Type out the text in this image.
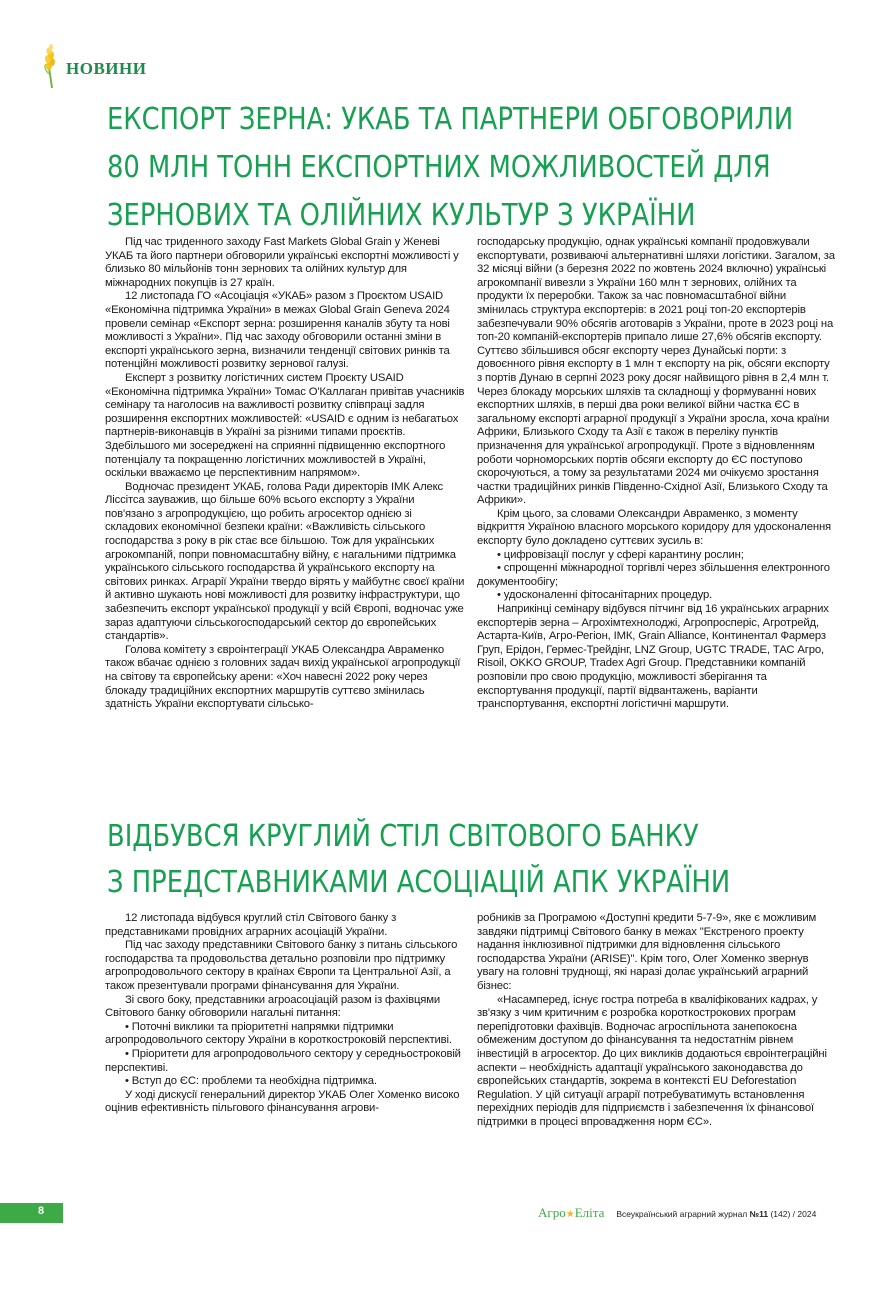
НОВИНИ
ЕКСПОРТ ЗЕРНА: УКАБ ТА ПАРТНЕРИ ОБГОВОРИЛИ
80 МЛН ТОНН ЕКСПОРТНИХ МОЖЛИВОСТЕЙ ДЛЯ
ЗЕРНОВИХ ТА ОЛІЙНИХ КУЛЬТУР З УКРАЇНИ

Під час триденного заходу Fast Markets Global Grain у Женеві УКАБ та його партнери обговорили українські експортні можливості у близько 80 мільйонів тонн зернових та олійних культур для міжнародних покупців із 27 країн.

12 листопада ГО «Асоціація «УКАБ» разом з Проєктом USAID «Економічна підтримка України» в межах Global Grain Geneva 2024 провели семінар «Експорт зерна: розширення каналів збуту та нові можливості з України». Під час заходу обговорили останні зміни в експорті українського зерна, визначили тенденції світових ринків та потенційні можливості розвитку зернової галузі.

Експерт з розвитку логістичних систем Проєкту USAID «Економічна підтримка України» Томас О'Каллаган привітав учасників семінару та наголосив на важливості розвитку співпраці задля розширення експортних можливостей: «USAID є одним із небагатьох партнерів-виконавців в Україні за різними типами проєктів. Здебільшого ми зосереджені на сприянні підвищенню експортного потенціалу та покращенню логістичних можливостей в Україні, оскільки вважаємо це перспективним напрямом».

Водночас президент УКАБ, голова Ради директорів ІМК Алекс Ліссітса зауважив, що більше 60% всього експорту з України пов'язано з агропродукцією, що робить агросектор однією зі складових економічної безпеки країни: «Важливість сільського господарства з року в рік стає все більшою. Тож для українських агрокомпаній, попри повномасштабну війну, є нагальними підтримка українського сільського господарства й українського експорту на світових ринках. Аграрії України твердо вірять у майбутнє своєї країни й активно шукають нові можливості для розвитку інфраструктури, що забезпечить експорт української продукції у всій Європі, водночас уже зараз адаптуючи сільськогосподарський сектор до європейських стандартів».

Голова комітету з євроінтеграції УКАБ Олександра Авраменко також вбачає однією з головних задач вихід української агропродукції на світову та європейську арени: «Хоч навесні 2022 року через блокаду традиційних експортних маршрутів суттєво змінилась здатність України експортувати сільсько-

господарську продукцію, однак українські компанії продовжували експортувати, розвиваючі альтернативні шляхи логістики. Загалом, за 32 місяці війни (з березня 2022 по жовтень 2024 включно) українські агрокомпанії вивезли з України 160 млн т зернових, олійних та продукти їх переробки. Також за час повномасштабної війни змінилась структура експортерів: в 2021 році топ-20 експортерів забезпечували 90% обсягів аготоварів з України, проте в 2023 році на топ-20 компаній-експортерів припало лише 27,6% обсягів експорту. Суттєво збільшився обсяг експорту через Дунайські порти: з довоєнного рівня експорту в 1 млн т експорту на рік, обсяги експорту з портів Дунаю в серпні 2023 року досяг найвищого рівня в 2,4 млн т. Через блокаду морських шляхів та складнощі у формуванні нових експортних шляхів, в перші два роки великої війни частка ЄС в загальному експорті аграрної продукції з України зросла, хоча країни Африки, Близького Сходу та Азії є також в переліку пунктів призначення для української агропродукції. Проте з відновленням роботи чорноморських портів обсяги експорту до ЄС поступово скорочуються, а тому за результатами 2024 ми очікуємо зростання частки традиційних ринків Південно-Східної Азії, Близького Сходу та Африки».

Крім цього, за словами Олександри Авраменко, з моменту відкриття Україною власного морського коридору для удосконалення експорту було докладено суттєвих зусиль в:

• цифровізації послуг у сфері карантину рослин;

• спрощенні міжнародної торгівлі через збільшення електронного документообігу;

• удосконаленні фітосанітарних процедур.

Наприкінці семінару відбувся пітчинг від 16 українських аграрних експортерів зерна – Агрохімтехнолоджі, Агропросперіс, Агротрейд, Астарта-Київ, Агро-Регіон, ІМК, Grain Alliance, Континентал Фармерз Груп, Ерідон, Гермес-Трейдінг, LNZ Group, UGTC TRADE, ТАС Агро, Risoil, OKKO GROUP, Tradex Agri Group. Представники компаній розповіли про свою продукцію, можливості зберігання та експортування продукції, партії відвантажень, варіанти транспортування, експортні логістичні маршрути.

ВІДБУВСЯ КРУГЛИЙ СТІЛ СВІТОВОГО БАНКУ
З ПРЕДСТАВНИКАМИ АСОЦІАЦІЙ АПК УКРАЇНИ

12 листопада відбувся круглий стіл Світового банку з представниками провідних аграрних асоціацій України.

Під час заходу представники Світового банку з питань сільського господарства та продовольства детально розповіли про підтримку агропродовольчого сектору в країнах Європи та Центральної Азії, а також презентували програми фінансування для України.

Зі свого боку, представники агроасоціацій разом із фахівцями Світового банку обговорили нагальні питання:

• Поточні виклики та пріоритетні напрямки підтримки агропродовольчого сектору України в короткостроковій перспективі.

• Пріоритети для агропродовольчого сектору у середньостроковій перспективі.

• Вступ до ЄС: проблеми та необхідна підтримка.

У ході дискусії генеральний директор УКАБ Олег Хоменко високо оцінив ефективність пільгового фінансування агрови-

робників за Програмою «Доступні кредити 5-7-9», яке є можливим завдяки підтримці Світового банку в межах "Екстреного проекту надання інклюзивної підтримки для відновлення сільського господарства України (ARISE)". Крім того, Олег Хоменко звернув увагу на головні труднощі, які наразі долає український аграрний бізнес:

«Насамперед, існує гостра потреба в кваліфікованих кадрах, у зв'язку з чим критичним є розробка короткострокових програм перепідготовки фахівців. Водночас агроспільнота занепокоєна обмеженим доступом до фінансування та недостатнім рівнем інвестицій в агросектор. До цих викликів додаються євроінтеграційні аспекти – необхідність адаптації українського законодавства до європейських стандартів, зокрема в контексті EU Deforestation Regulation. У цій ситуації аграрії потребуватимуть встановлення перехідних періодів для підприємств і забезпечення їх фінансової підтримки в процесі впровадження норм ЄС».

8	Агро★Еліта Всеукраїнський аграрний журнал №11 (142) / 2024
